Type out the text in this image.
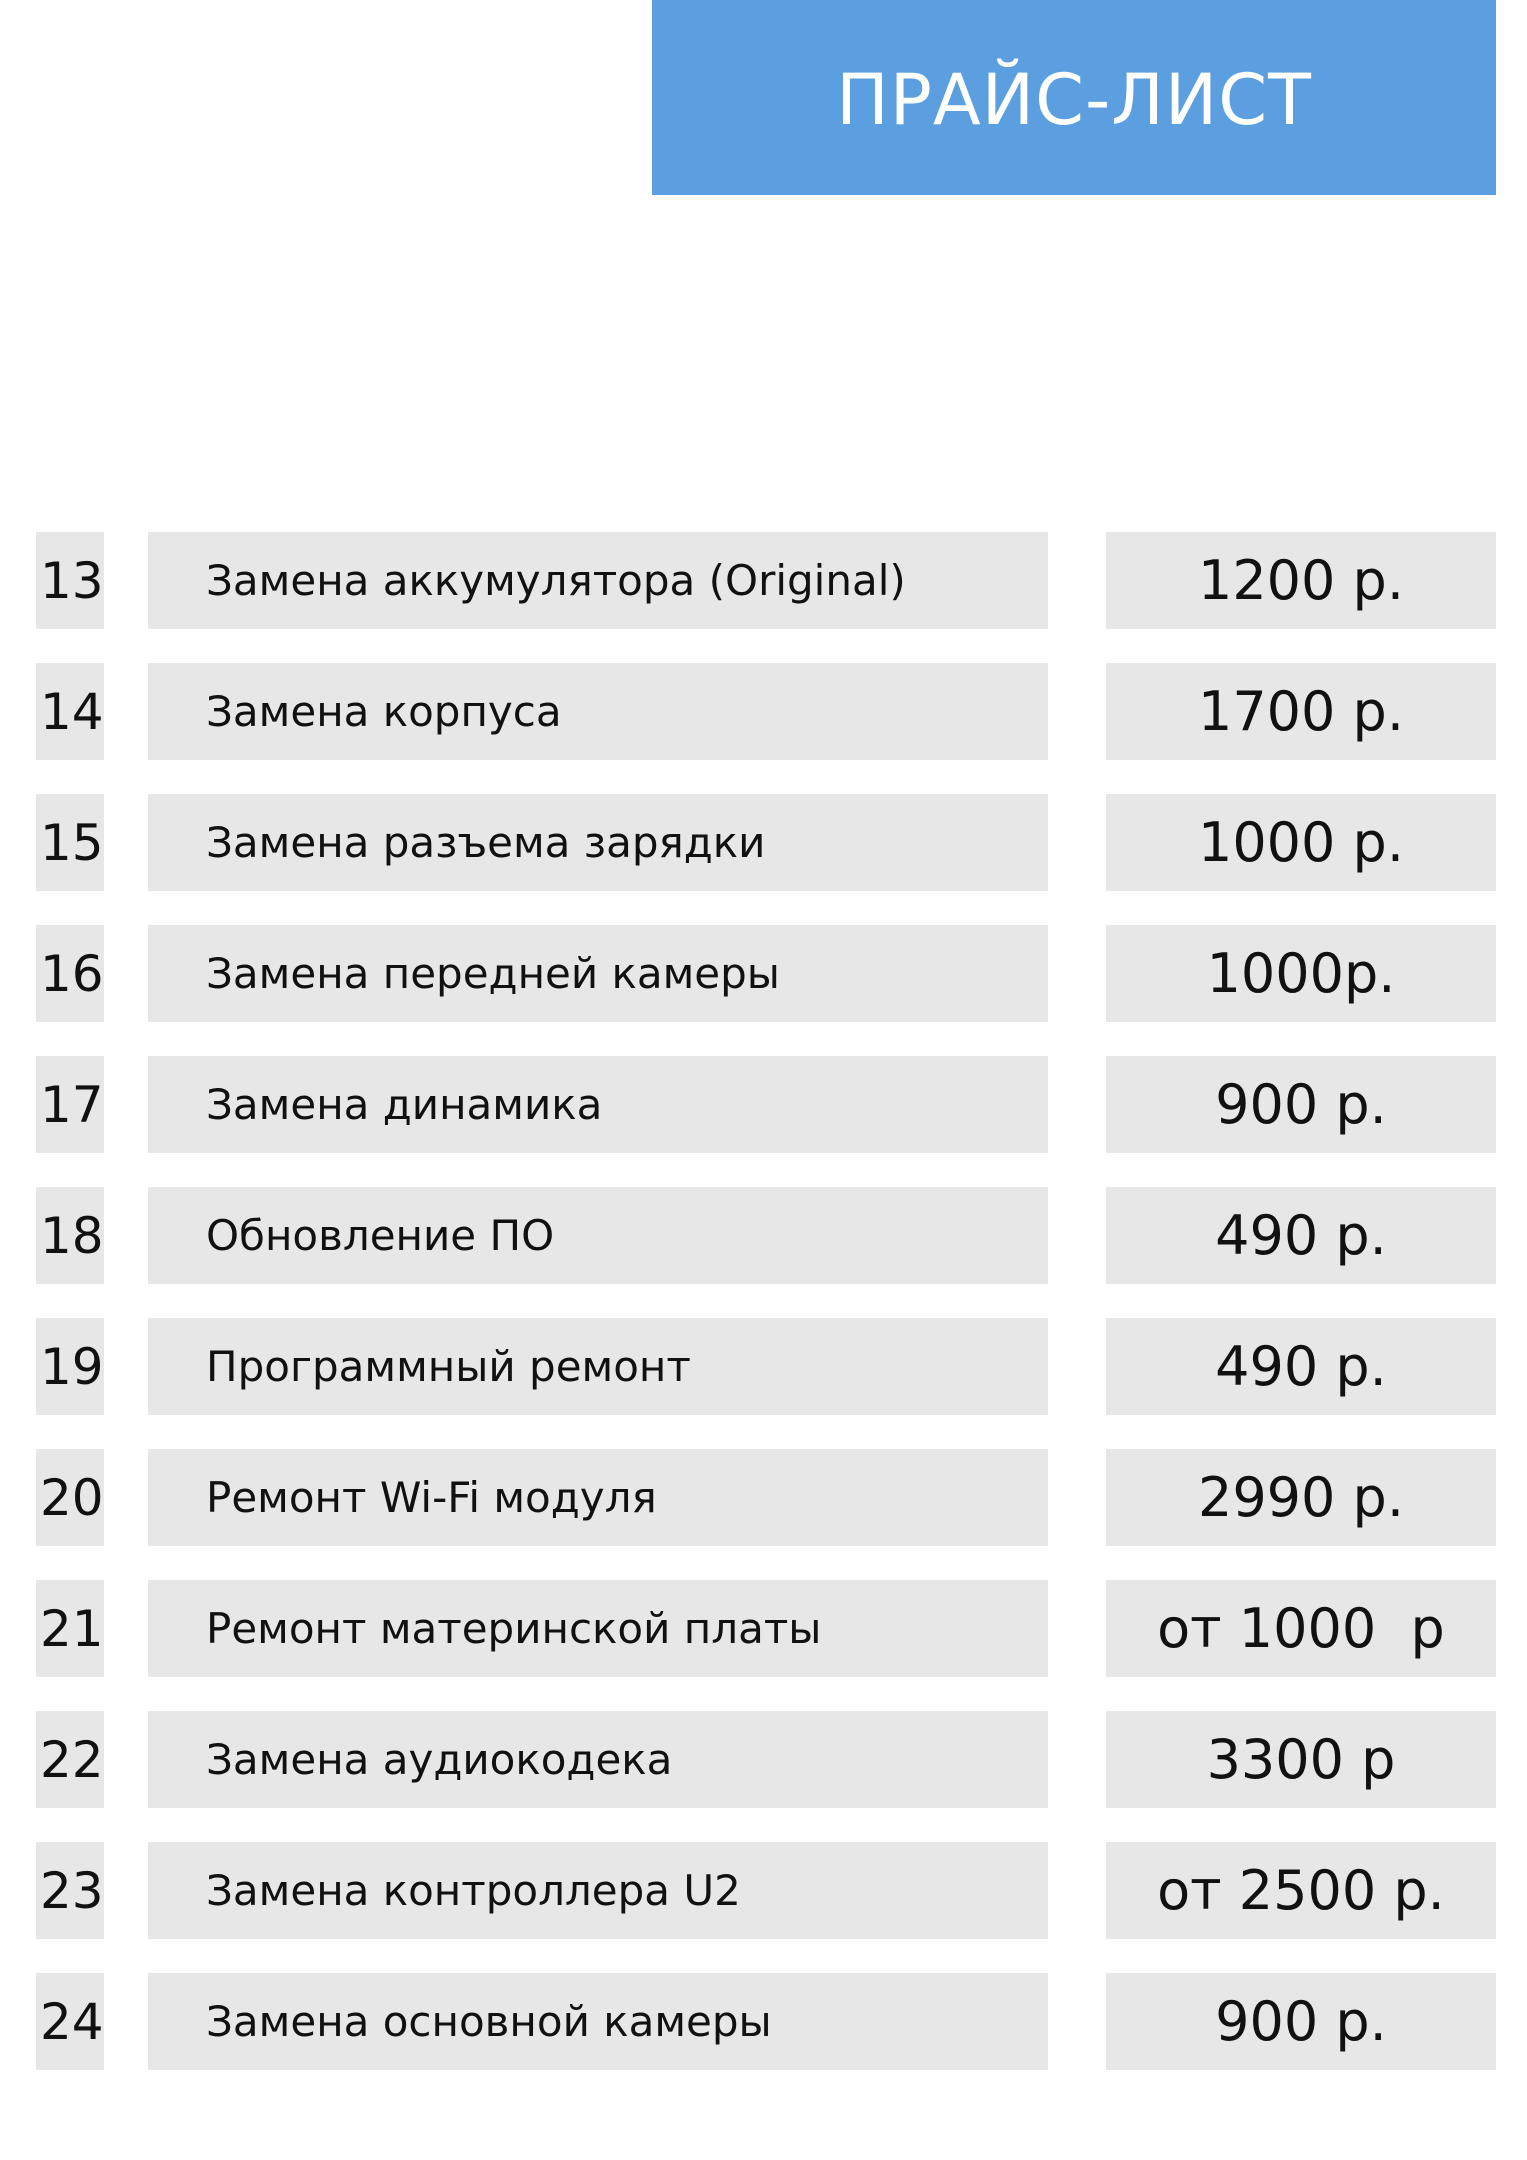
ПРАЙС-ЛИСТ
13 Замена аккумулятора (Original)	1200 р.
14 Замена корпуса	1700 р.
15 Замена разъема зарядки	1000 р.
16 Замена передней камеры	1000р.
17 Замена динамика	900 р.
18 Обновление ПО	490 р.
19 Программный ремонт	490 р.
20 Ремонт Wi-Fi модуля	2990 р.
21 Ремонт материнской платы	от 1000  р
22 Замена аудиокодека	3300 р
23 Замена контроллера U2	от 2500 р.
24 Замена основной камеры	900 р.
